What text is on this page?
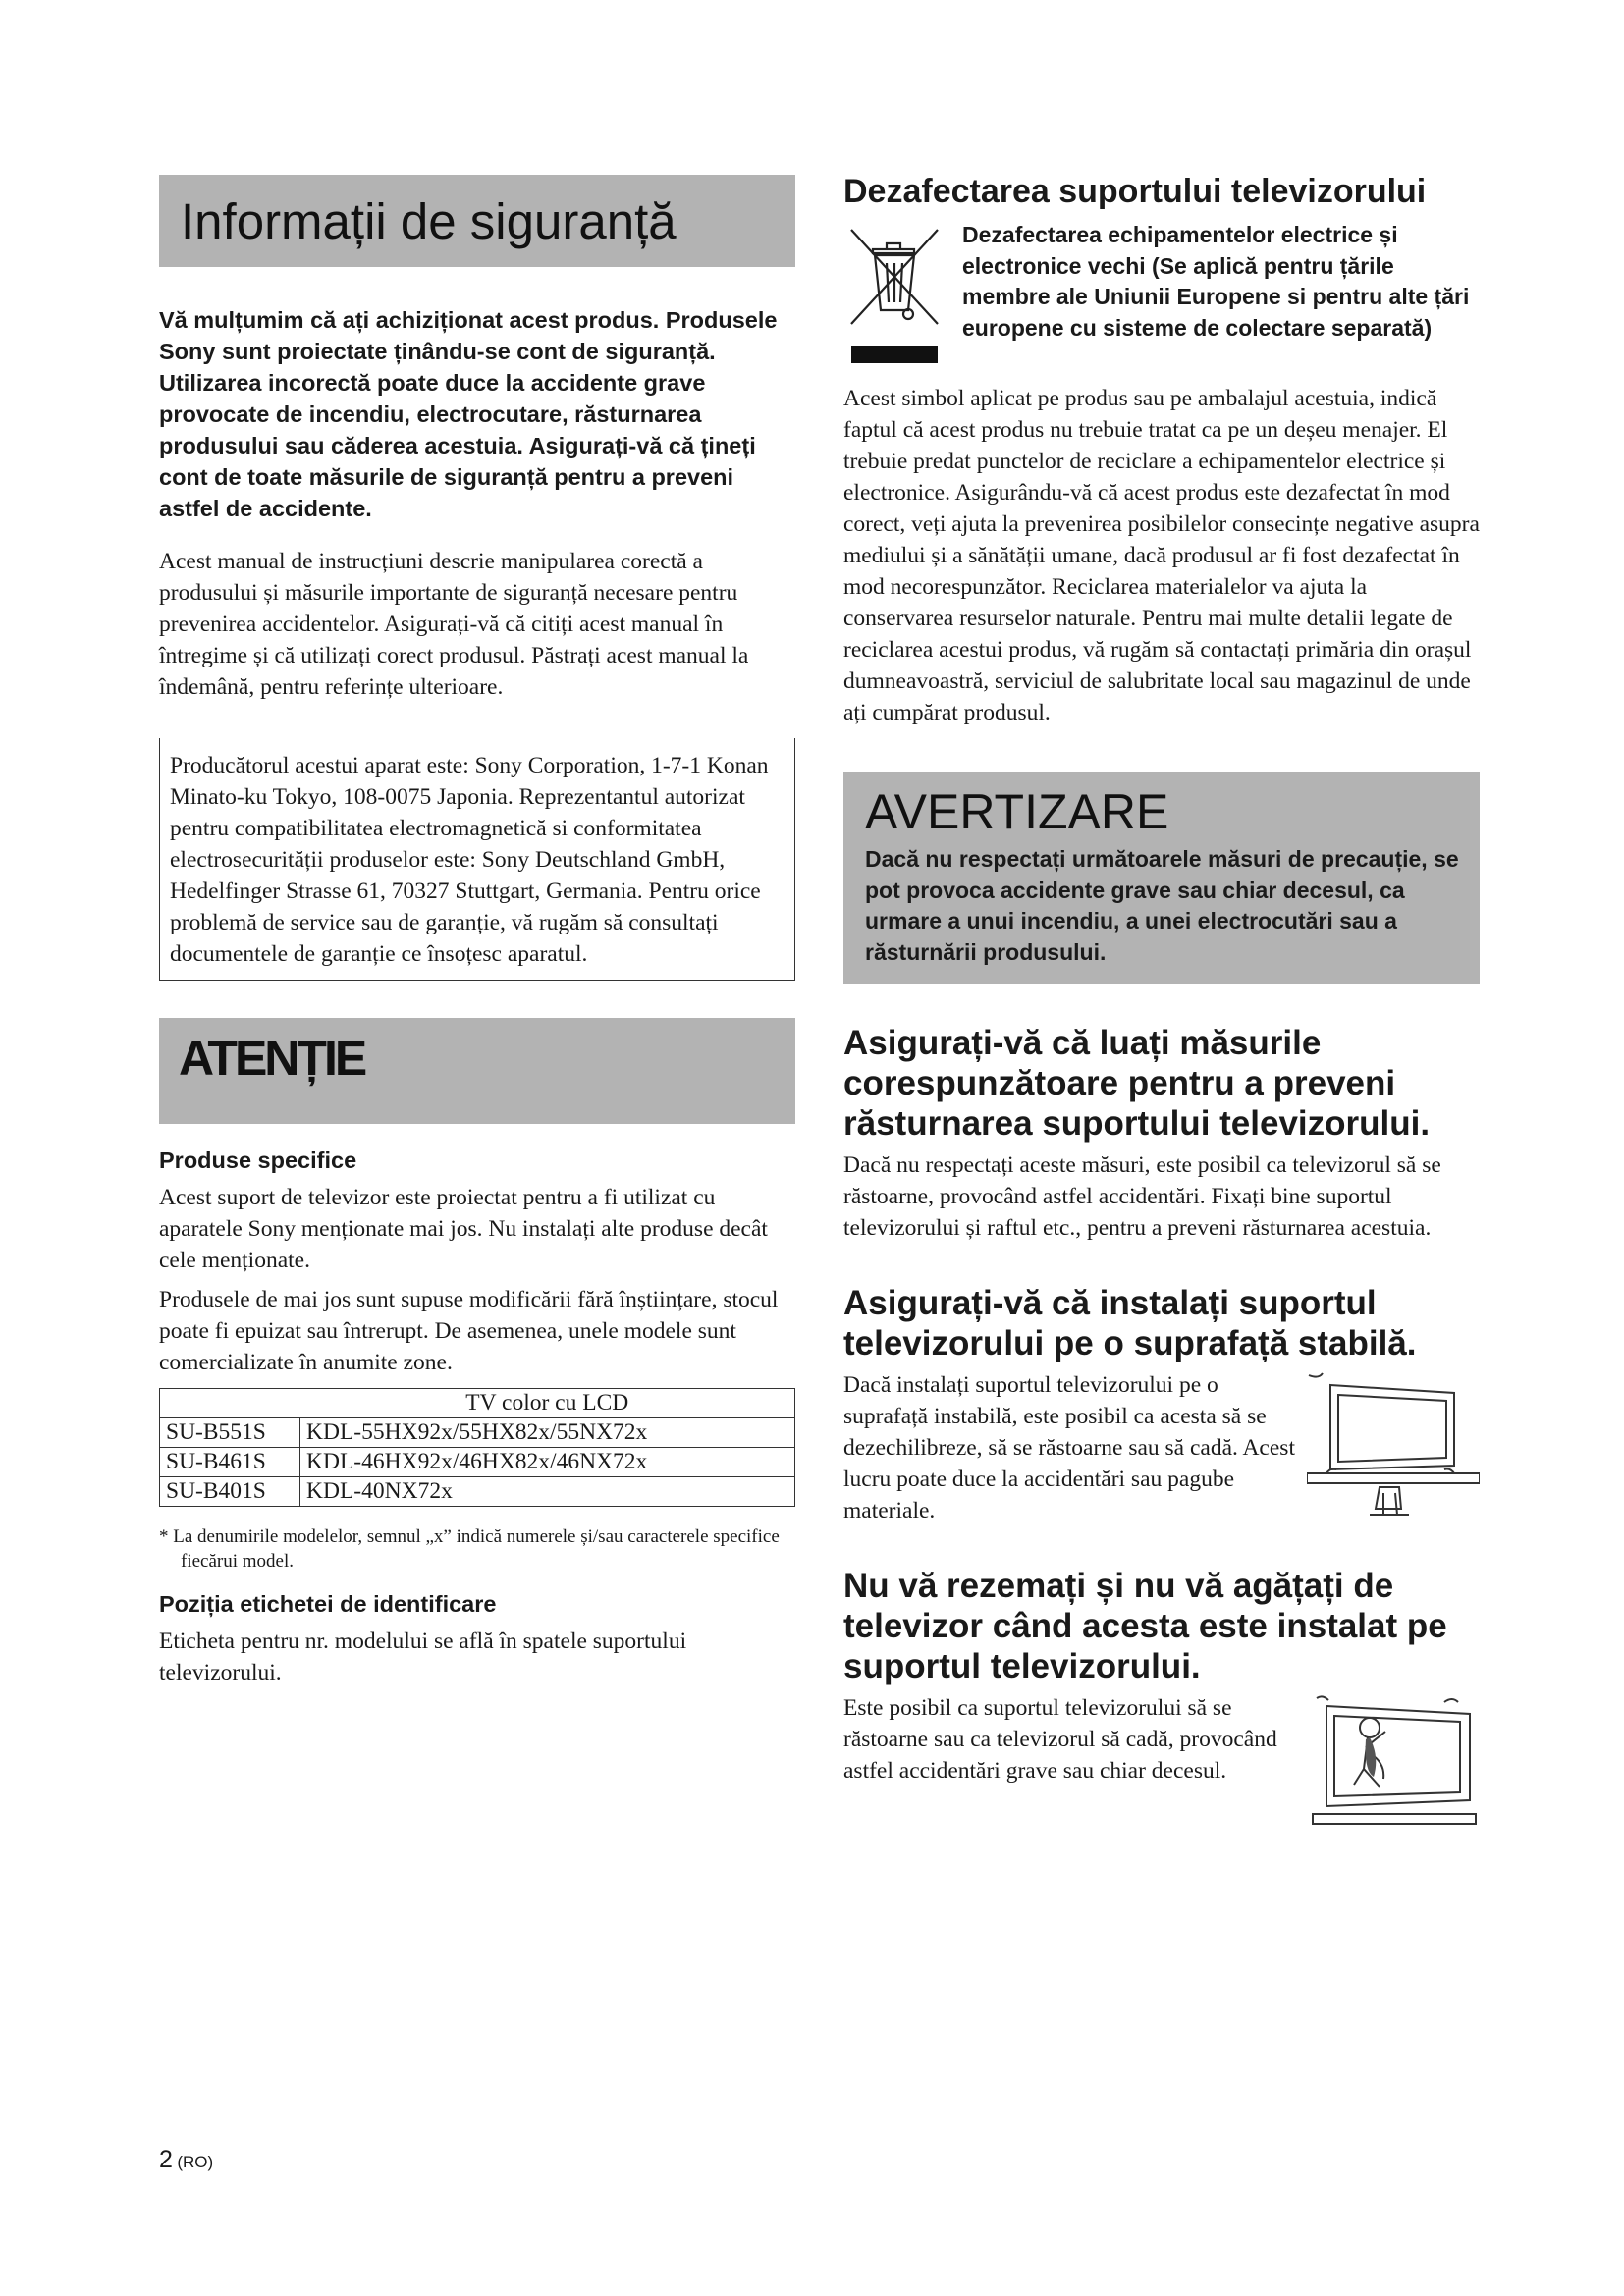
Informații de siguranță

Vă mulțumim că ați achiziționat acest produs. Produsele Sony sunt proiectate ținându-se cont de siguranță. Utilizarea incorectă poate duce la accidente grave provocate de incendiu, electrocutare, răsturnarea produsului sau căderea acestuia. Asigurați-vă că țineți cont de toate măsurile de siguranță pentru a preveni astfel de accidente.

Acest manual de instrucțiuni descrie manipularea corectă a produsului și măsurile importante de siguranță necesare pentru prevenirea accidentelor. Asigurați-vă că citiți acest manual în întregime și că utilizați corect produsul. Păstrați acest manual la îndemână, pentru referințe ulterioare.

Producătorul acestui aparat este: Sony Corporation, 1-7-1 Konan Minato-ku Tokyo, 108-0075 Japonia. Reprezentantul autorizat pentru compatibilitatea electromagnetică si conformitatea electrosecurității produselor este: Sony Deutschland GmbH, Hedelfinger Strasse 61, 70327 Stuttgart, Germania. Pentru orice problemă de service sau de garanție, vă rugăm să consultați documentele de garanție ce însoțesc aparatul.
ATENȚIE

Produse specifice

Acest suport de televizor este proiectat pentru a fi utilizat cu aparatele Sony menționate mai jos. Nu instalați alte produse decât cele menționate.

Produsele de mai jos sunt supuse modificării fără înștiințare, stocul poate fi epuizat sau întrerupt. De asemenea, unele modele sunt comercializate în anumite zone.

	TV color cu LCD
SU-B551S	KDL-55HX92x/55HX82x/55NX72x
SU-B461S	KDL-46HX92x/46HX82x/46NX72x
SU-B401S	KDL-40NX72x

* La denumirile modelelor, semnul „x” indică numerele și/sau caracterele specifice fiecărui model.

Poziția etichetei de identificare

Eticheta pentru nr. modelului se află în spatele suportului televizorului.

Dezafectarea suportului televizorului

Dezafectarea echipamentelor electrice și electronice vechi (Se aplică pentru țările membre ale Uniunii Europene si pentru alte țări europene cu sisteme de colectare separată)

Acest simbol aplicat pe produs sau pe ambalajul acestuia, indică faptul că acest produs nu trebuie tratat ca pe un deșeu menajer. El trebuie predat punctelor de reciclare a echipamentelor electrice și electronice. Asigurându-vă că acest produs este dezafectat în mod corect, veți ajuta la prevenirea posibilelor consecințe negative asupra mediului și a sănătății umane, dacă produsul ar fi fost dezafectat în mod necorespunzător. Reciclarea materialelor va ajuta la conservarea resurselor naturale. Pentru mai multe detalii legate de reciclarea acestui produs, vă rugăm să contactați primăria din orașul dumneavoastră, serviciul de salubritate local sau magazinul de unde ați cumpărat produsul.

AVERTIZARE

Dacă nu respectați următoarele măsuri de precauție, se pot provoca accidente grave sau chiar decesul, ca urmare a unui incendiu, a unei electrocutări sau a răsturnării produsului.

Asigurați-vă că luați măsurile corespunzătoare pentru a preveni răsturnarea suportului televizorului.

Dacă nu respectați aceste măsuri, este posibil ca televizorul să se răstoarne, provocând astfel accidentări. Fixați bine suportul televizorului și raftul etc., pentru a preveni răsturnarea acestuia.

Asigurați-vă că instalați suportul televizorului pe o suprafață stabilă.

Dacă instalați suportul televizorului pe o suprafață instabilă, este posibil ca acesta să se dezechilibreze, să se răstoarne sau să cadă. Acest lucru poate duce la accidentări sau pagube materiale.

Nu vă rezemați și nu vă agățați de televizor când acesta este instalat pe suportul televizorului.

Este posibil ca suportul televizorului să se răstoarne sau ca televizorul să cadă, provocând astfel accidentări grave sau chiar decesul.

2 (RO)
